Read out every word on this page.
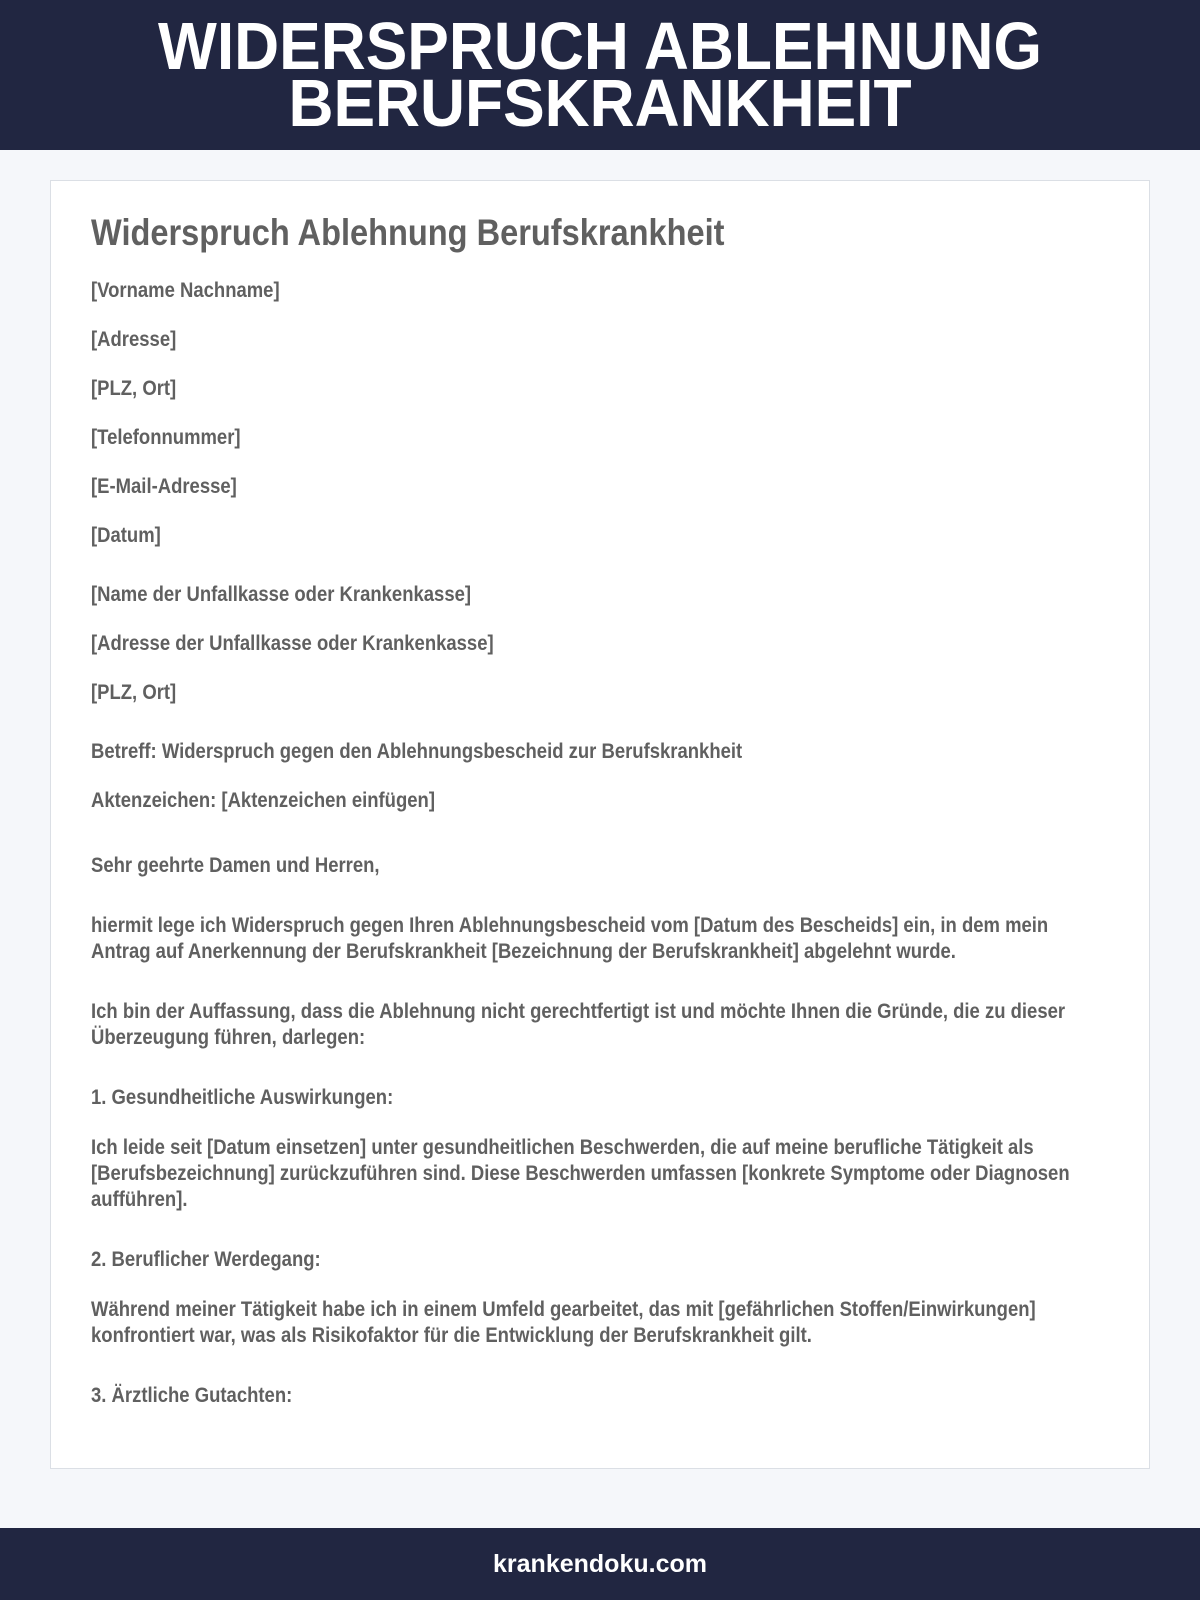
WIDERSPRUCH ABLEHNUNG BERUFSKRANKHEIT
Widerspruch Ablehnung Berufskrankheit

[Vorname Nachname]

[Adresse]

[PLZ, Ort]

[Telefonnummer]

[E-Mail-Adresse]

[Datum]

[Name der Unfallkasse oder Krankenkasse]

[Adresse der Unfallkasse oder Krankenkasse]

[PLZ, Ort]

Betreff: Widerspruch gegen den Ablehnungsbescheid zur Berufskrankheit

Aktenzeichen: [Aktenzeichen einfügen]

Sehr geehrte Damen und Herren,

hiermit lege ich Widerspruch gegen Ihren Ablehnungsbescheid vom [Datum des Bescheids] ein, in dem mein Antrag auf Anerkennung der Berufskrankheit [Bezeichnung der Berufskrankheit] abgelehnt wurde.

Ich bin der Auffassung, dass die Ablehnung nicht gerechtfertigt ist und möchte Ihnen die Gründe, die zu dieser Überzeugung führen, darlegen:

1. Gesundheitliche Auswirkungen:

Ich leide seit [Datum einsetzen] unter gesundheitlichen Beschwerden, die auf meine berufliche Tätigkeit als [Berufsbezeichnung] zurückzuführen sind. Diese Beschwerden umfassen [konkrete Symptome oder Diagnosen aufführen].

2. Beruflicher Werdegang:

Während meiner Tätigkeit habe ich in einem Umfeld gearbeitet, das mit [gefährlichen Stoffen/Einwirkungen] konfrontiert war, was als Risikofaktor für die Entwicklung der Berufskrankheit gilt.

3. Ärztliche Gutachten:

krankendoku.com
